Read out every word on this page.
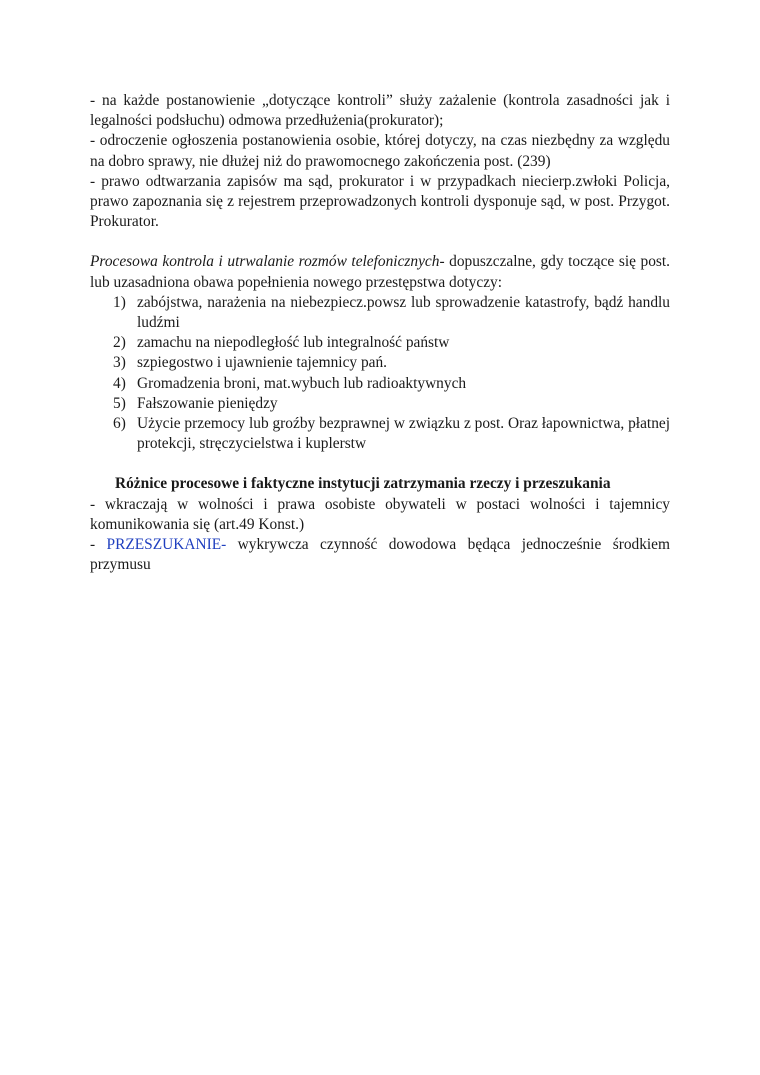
- na każde postanowienie „dotyczące kontroli” służy zażalenie (kontrola zasadności jak i legalności podsłuchu) odmowa przedłużenia(prokurator);

- odroczenie ogłoszenia postanowienia osobie, której dotyczy, na czas niezbędny za względu na dobro sprawy, nie dłużej niż do prawomocnego zakończenia post. (239)

- prawo odtwarzania zapisów ma sąd, prokurator i w przypadkach niecierp.zwłoki Policja, prawo zapoznania się z rejestrem przeprowadzonych kontroli dysponuje sąd, w post. Przygot. Prokurator.

Procesowa kontrola i utrwalanie rozmów telefonicznych- dopuszczalne, gdy toczące się post. lub uzasadniona obawa popełnienia nowego przestępstwa dotyczy:

1) zabójstwa, narażenia na niebezpiecz.powsz lub sprowadzenie katastrofy, bądź handlu ludźmi
2) zamachu na niepodległość lub integralność państw
3) szpiegostwo i ujawnienie tajemnicy pań.
4) Gromadzenia broni, mat.wybuch lub radioaktywnych
5) Fałszowanie pieniędzy
6) Użycie przemocy lub groźby bezprawnej w związku z post. Oraz łapownictwa, płatnej protekcji, stręczycielstwa i kuplerstw

Różnice procesowe i faktyczne instytucji zatrzymania rzeczy i przeszukania

- wkraczają w wolności i prawa osobiste obywateli w postaci wolności i tajemnicy komunikowania się (art.49 Konst.)

- PRZESZUKANIE- wykrywcza czynność dowodowa będąca jednocześnie środkiem przymusu
